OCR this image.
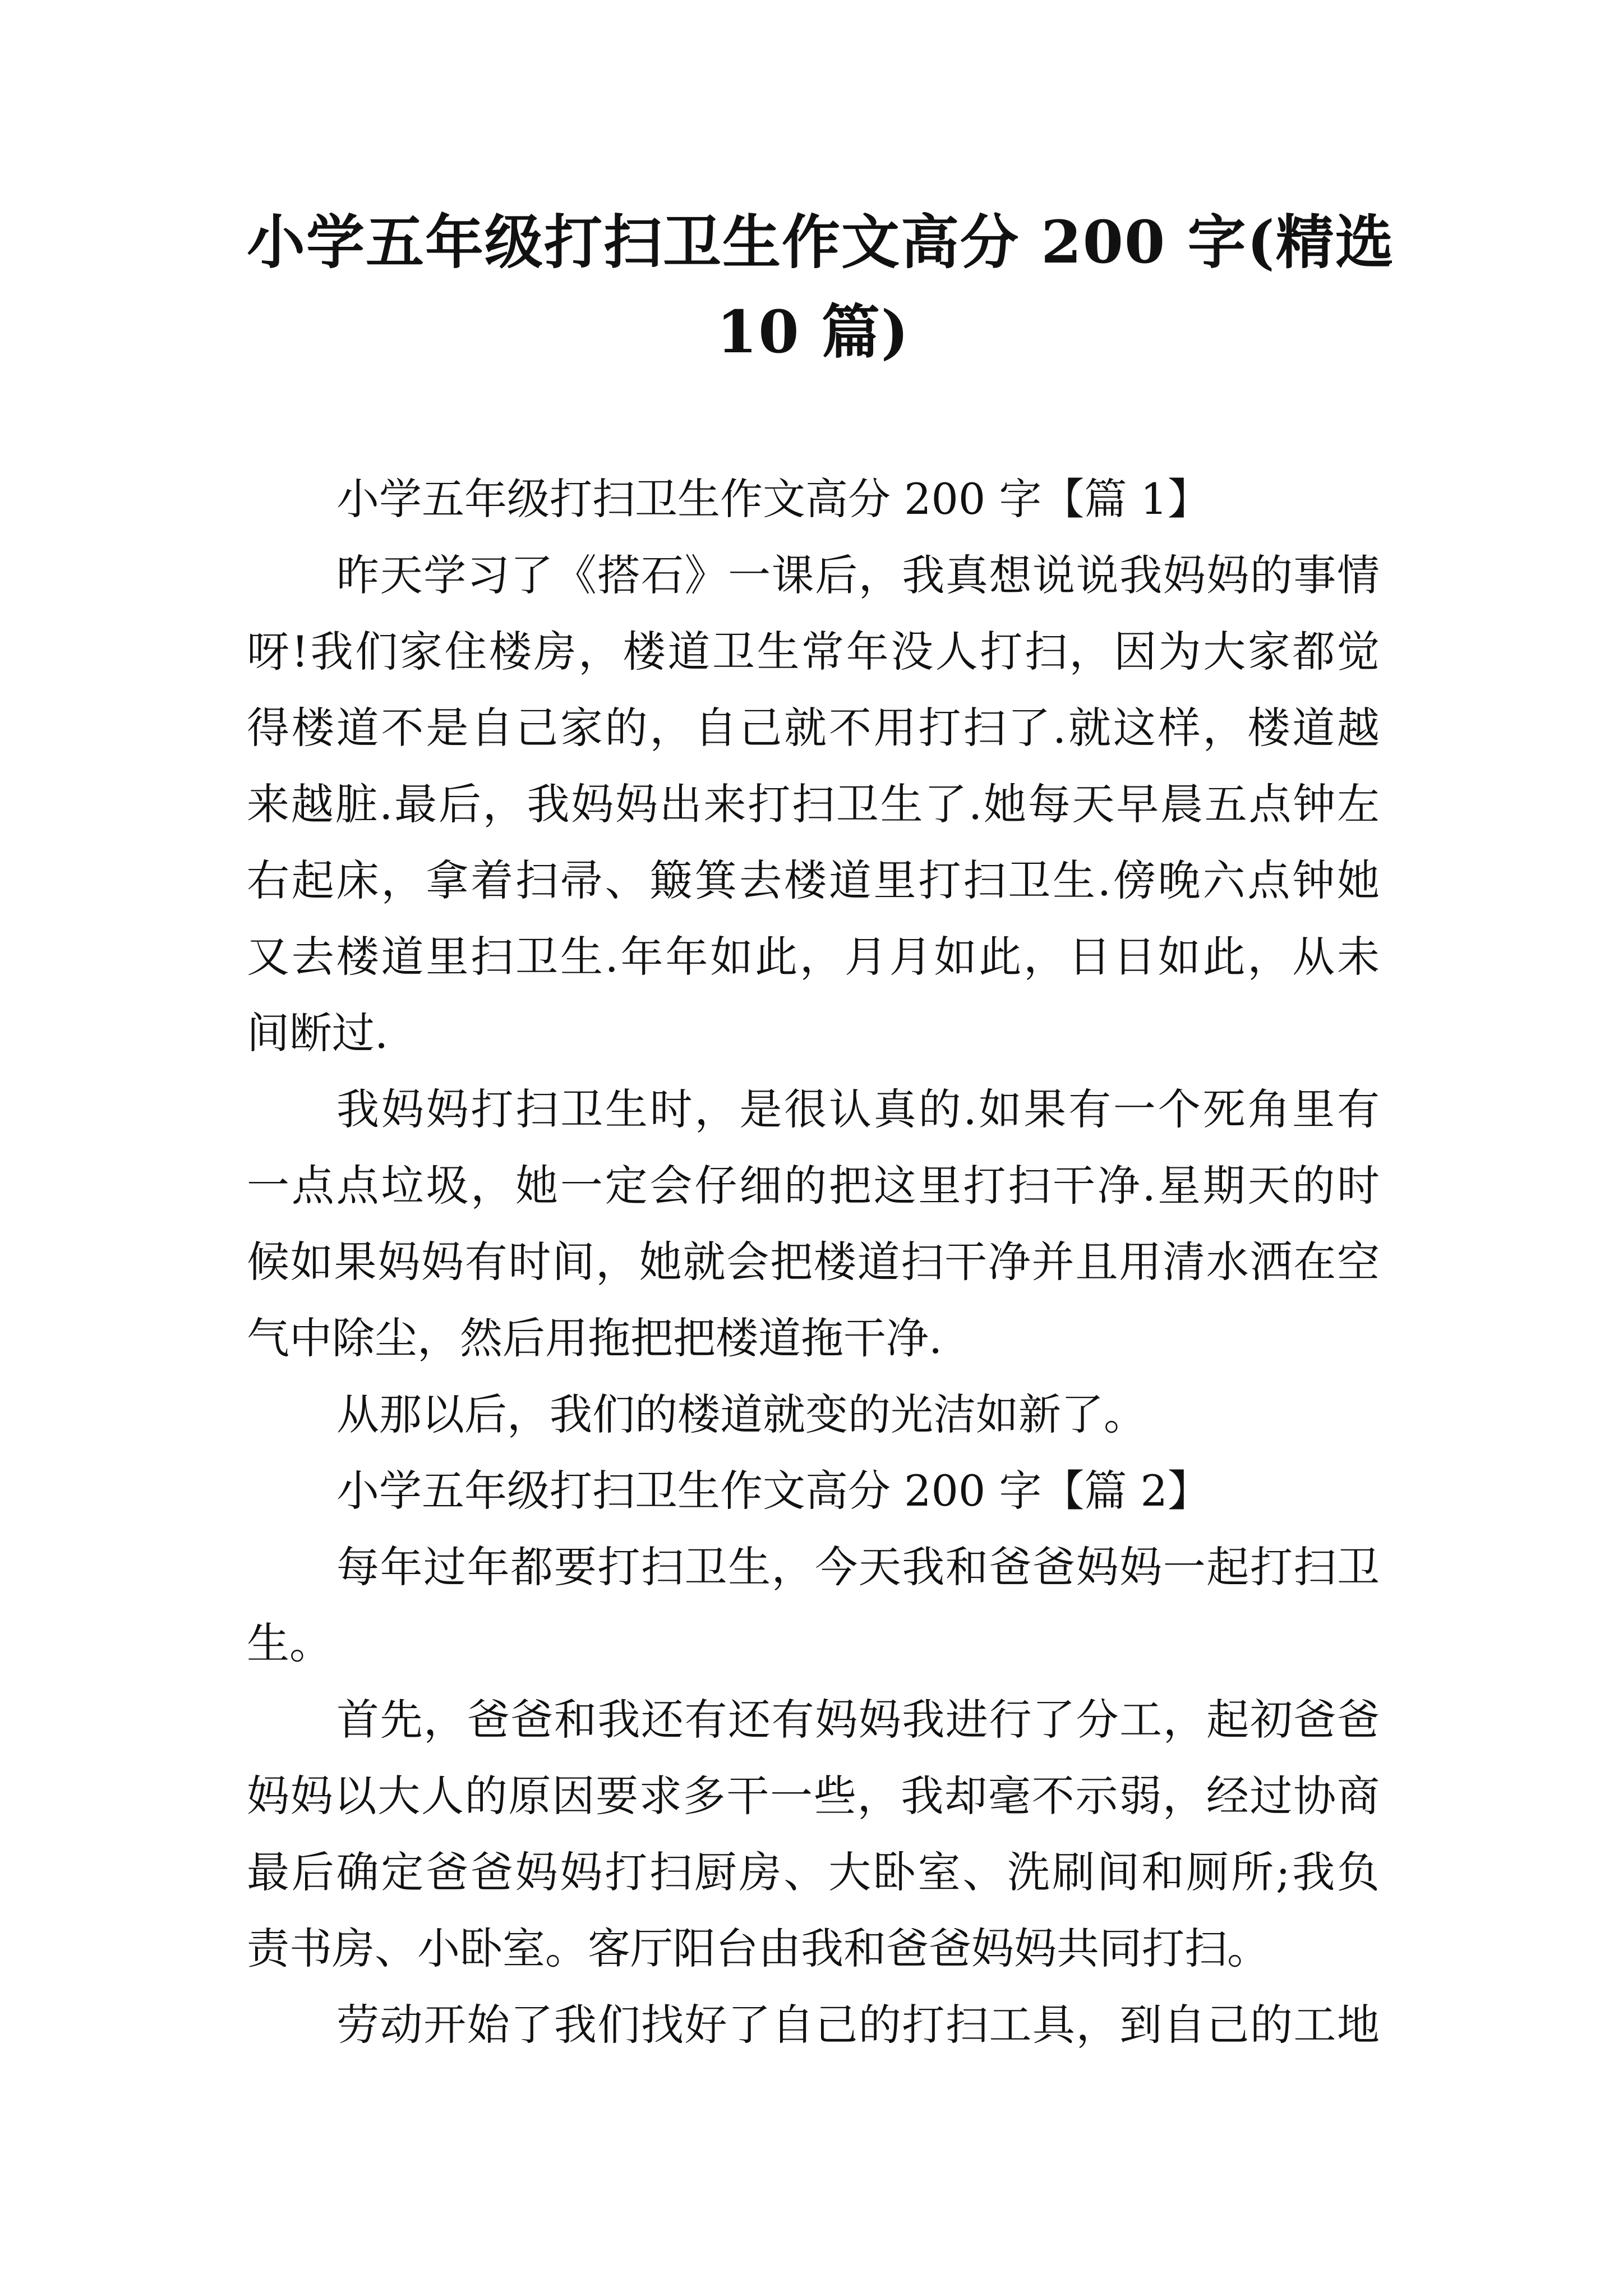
小学五年级打扫卫生作文高分 200 字(精选
10 篇)

小学五年级打扫卫生作文高分 200 字【篇 1】

昨天学习了《搭石》一课后，我真想说说我妈妈的事情

呀!我们家住楼房，楼道卫生常年没人打扫，因为大家都觉

得楼道不是自己家的，自己就不用打扫了.就这样，楼道越

来越脏.最后，我妈妈出来打扫卫生了.她每天早晨五点钟左

右起床，拿着扫帚、簸箕去楼道里打扫卫生.傍晚六点钟她

又去楼道里扫卫生.年年如此，月月如此，日日如此，从未

间断过.

我妈妈打扫卫生时，是很认真的.如果有一个死角里有

一点点垃圾，她一定会仔细的把这里打扫干净.星期天的时

候如果妈妈有时间，她就会把楼道扫干净并且用清水洒在空

气中除尘，然后用拖把把楼道拖干净.

从那以后，我们的楼道就变的光洁如新了。

小学五年级打扫卫生作文高分 200 字【篇 2】

每年过年都要打扫卫生，今天我和爸爸妈妈一起打扫卫

生。

首先，爸爸和我还有还有妈妈我进行了分工，起初爸爸

妈妈以大人的原因要求多干一些，我却毫不示弱，经过协商

最后确定爸爸妈妈打扫厨房、大卧室、洗刷间和厕所;我负

责书房、小卧室。客厅阳台由我和爸爸妈妈共同打扫。

劳动开始了我们找好了自己的打扫工具，到自己的工地
